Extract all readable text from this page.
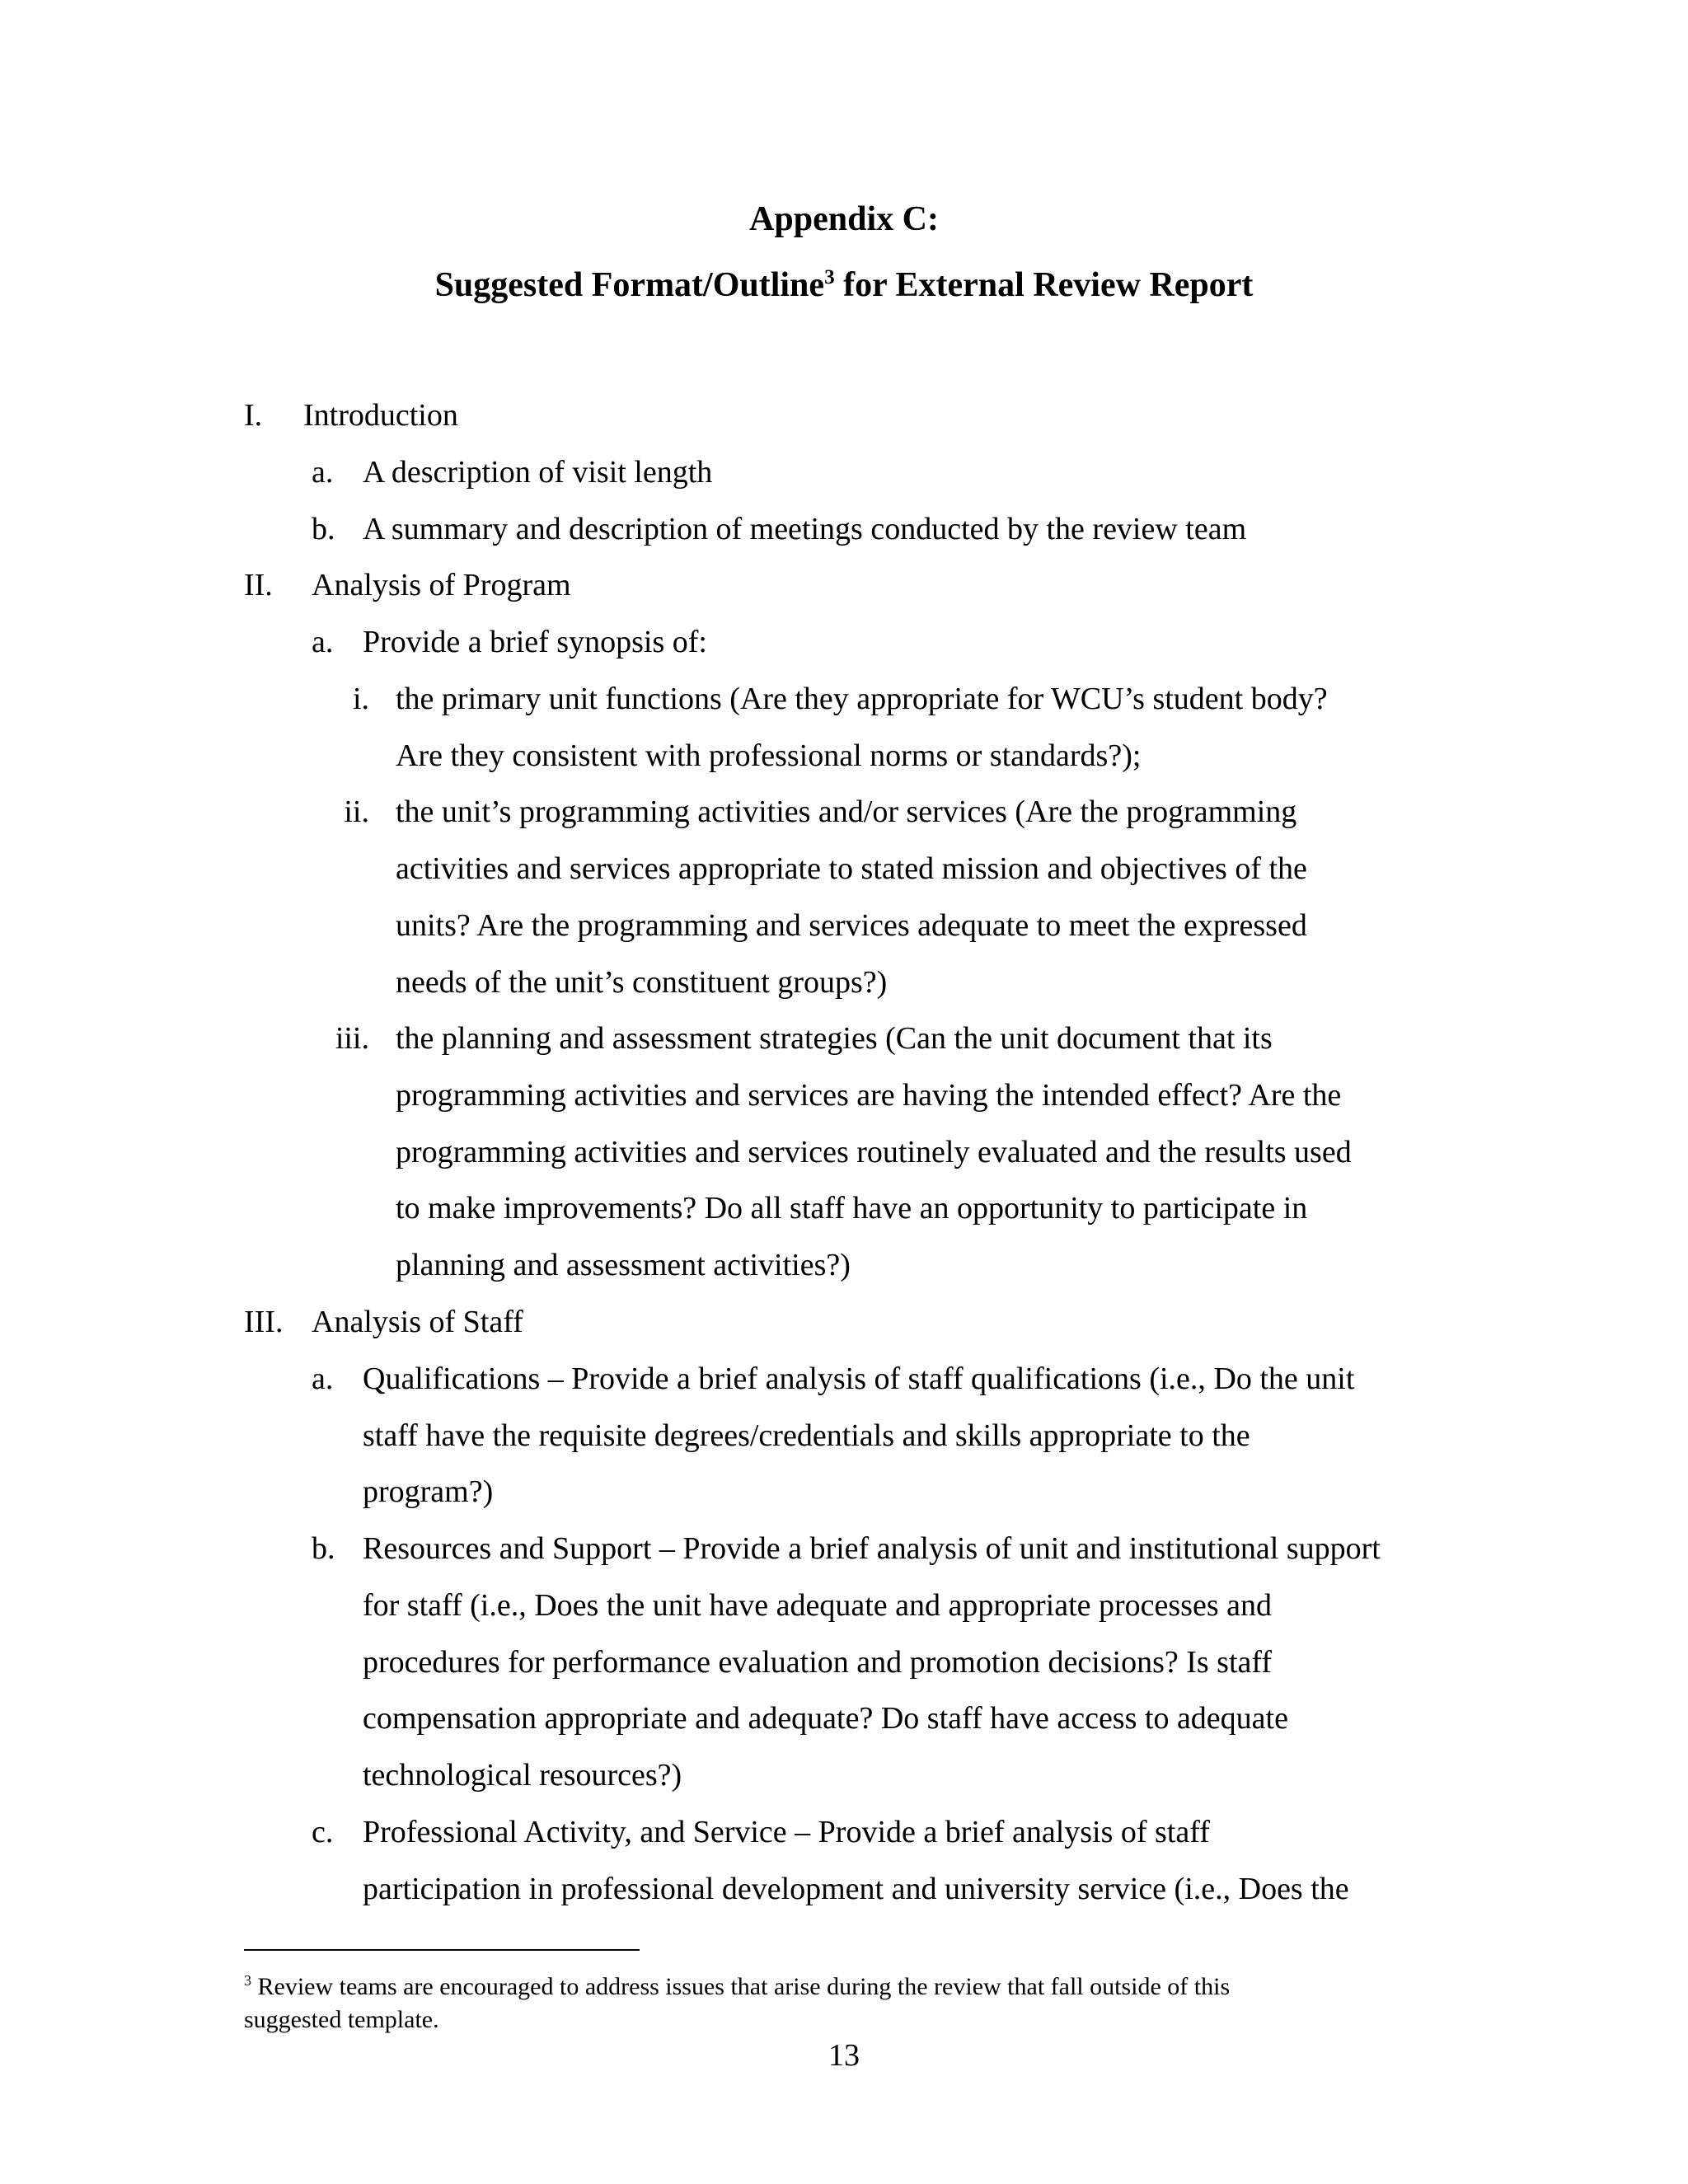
Appendix C:
Suggested Format/Outline$^3$ for External Review Report
I. Introduction
a. A description of visit length
b. A summary and description of meetings conducted by the review team
II. Analysis of Program
a. Provide a brief synopsis of:
i. the primary unit functions (Are they appropriate for WCU’s student body?
Are they consistent with professional norms or standards?);
ii. the unit’s programming activities and/or services (Are the programming
activities and services appropriate to stated mission and objectives of the
units? Are the programming and services adequate to meet the expressed
needs of the unit’s constituent groups?)
iii. the planning and assessment strategies (Can the unit document that its
programming activities and services are having the intended effect? Are the
programming activities and services routinely evaluated and the results used
to make improvements? Do all staff have an opportunity to participate in
planning and assessment activities?)
III. Analysis of Staff
a. Qualifications – Provide a brief analysis of staff qualifications (i.e., Do the unit
staff have the requisite degrees/credentials and skills appropriate to the
program?)
b. Resources and Support – Provide a brief analysis of unit and institutional support
for staff (i.e., Does the unit have adequate and appropriate processes and
procedures for performance evaluation and promotion decisions? Is staff
compensation appropriate and adequate? Do staff have access to adequate
technological resources?)
c. Professional Activity, and Service – Provide a brief analysis of staff
participation in professional development and university service (i.e., Does the
$^3$ Review teams are encouraged to address issues that arise during the review that fall outside of this
suggested template.
13
